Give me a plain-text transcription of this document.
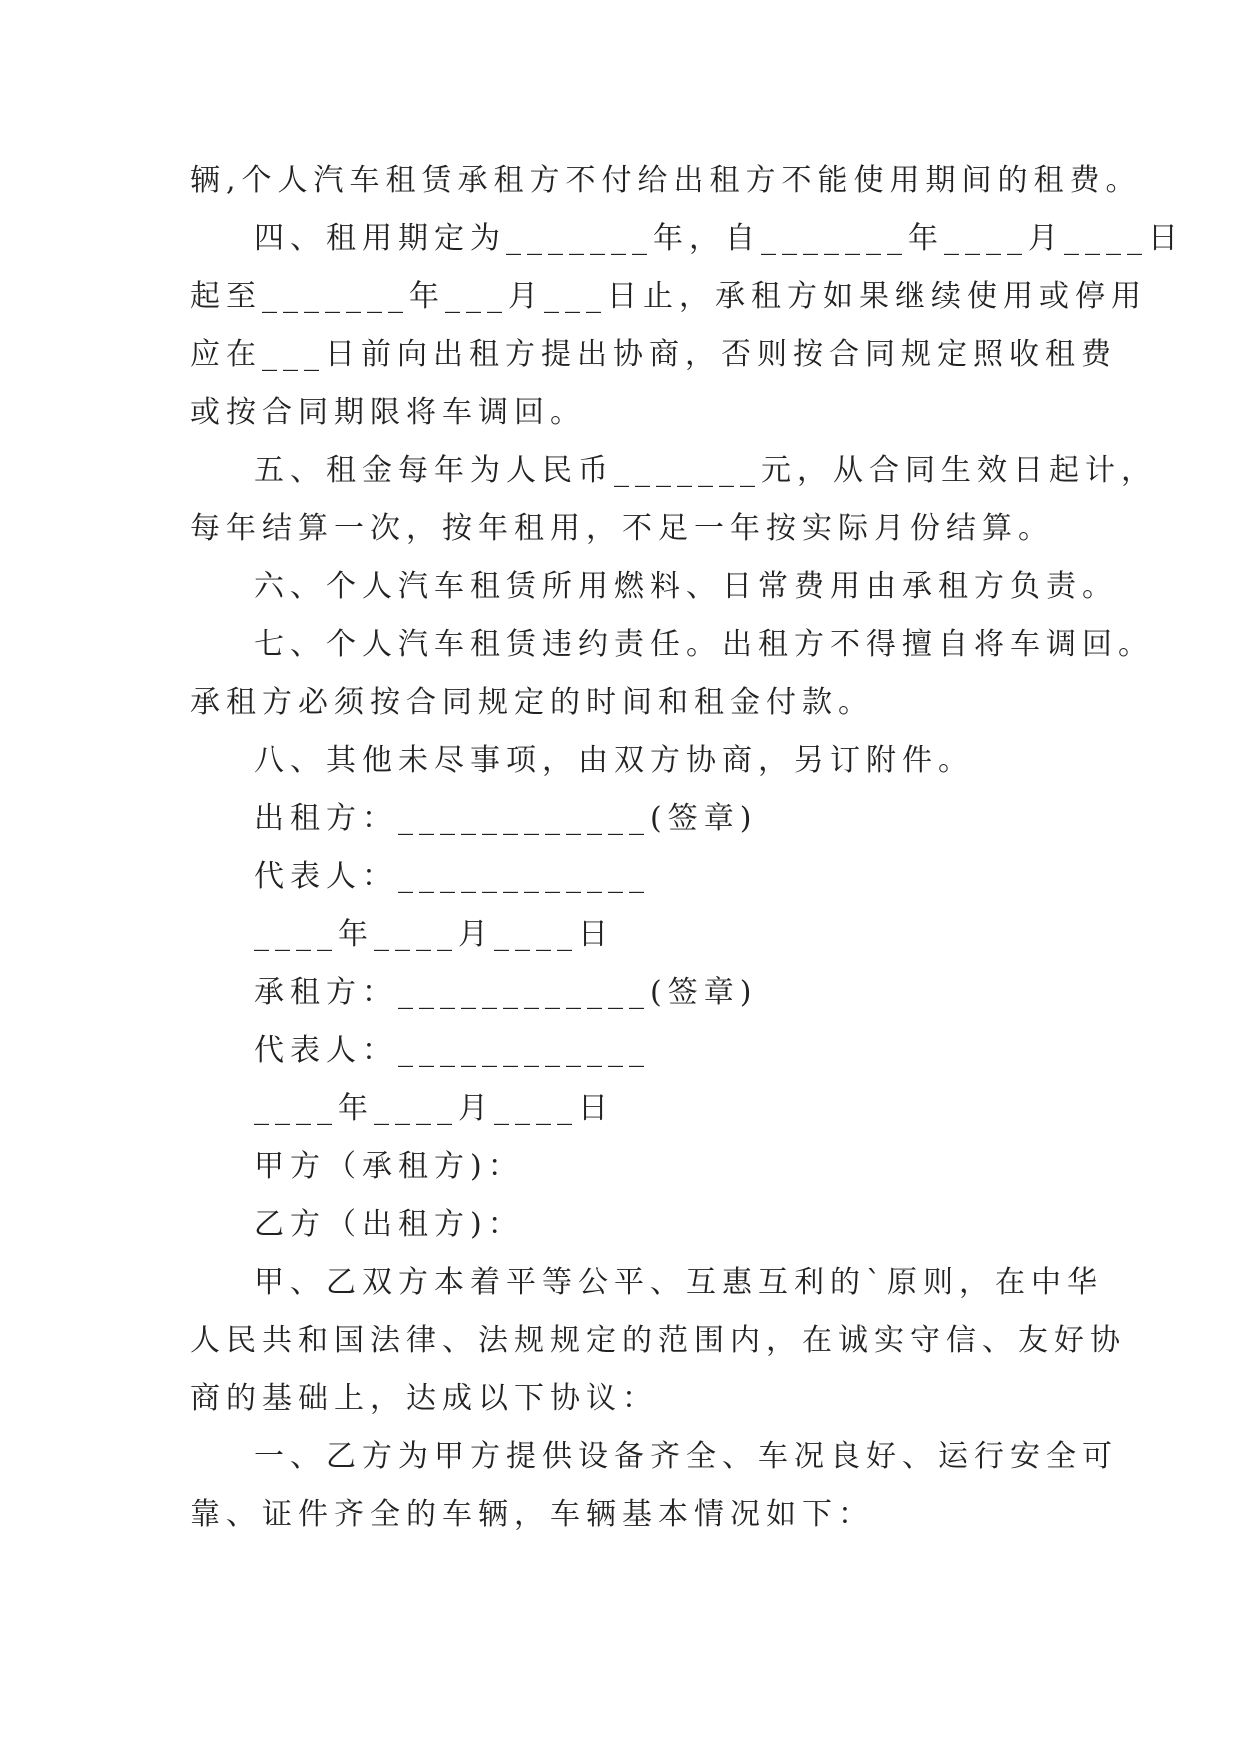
辆,个人汽车租赁承租方不付给出租方不能使用期间的租费。
四、租用期定为_______年，自_______年____月____日
起至_______年___月___日止，承租方如果继续使用或停用
应在___日前向出租方提出协商，否则按合同规定照收租费
或按合同期限将车调回。
五、租金每年为人民币_______元，从合同生效日起计，
每年结算一次，按年租用，不足一年按实际月份结算。
六、个人汽车租赁所用燃料、日常费用由承租方负责。
七、个人汽车租赁违约责任。出租方不得擅自将车调回。
承租方必须按合同规定的时间和租金付款。
八、其他未尽事项，由双方协商，另订附件。
出租方：____________(签章)
代表人：____________
____年____月____日
承租方：____________(签章)
代表人：____________
____年____月____日
甲方（承租方)：
乙方（出租方)：
甲、乙双方本着平等公平、互惠互利的`原则，在中华
人民共和国法律、法规规定的范围内，在诚实守信、友好协
商的基础上，达成以下协议：
一、乙方为甲方提供设备齐全、车况良好、运行安全可
靠、证件齐全的车辆，车辆基本情况如下：
